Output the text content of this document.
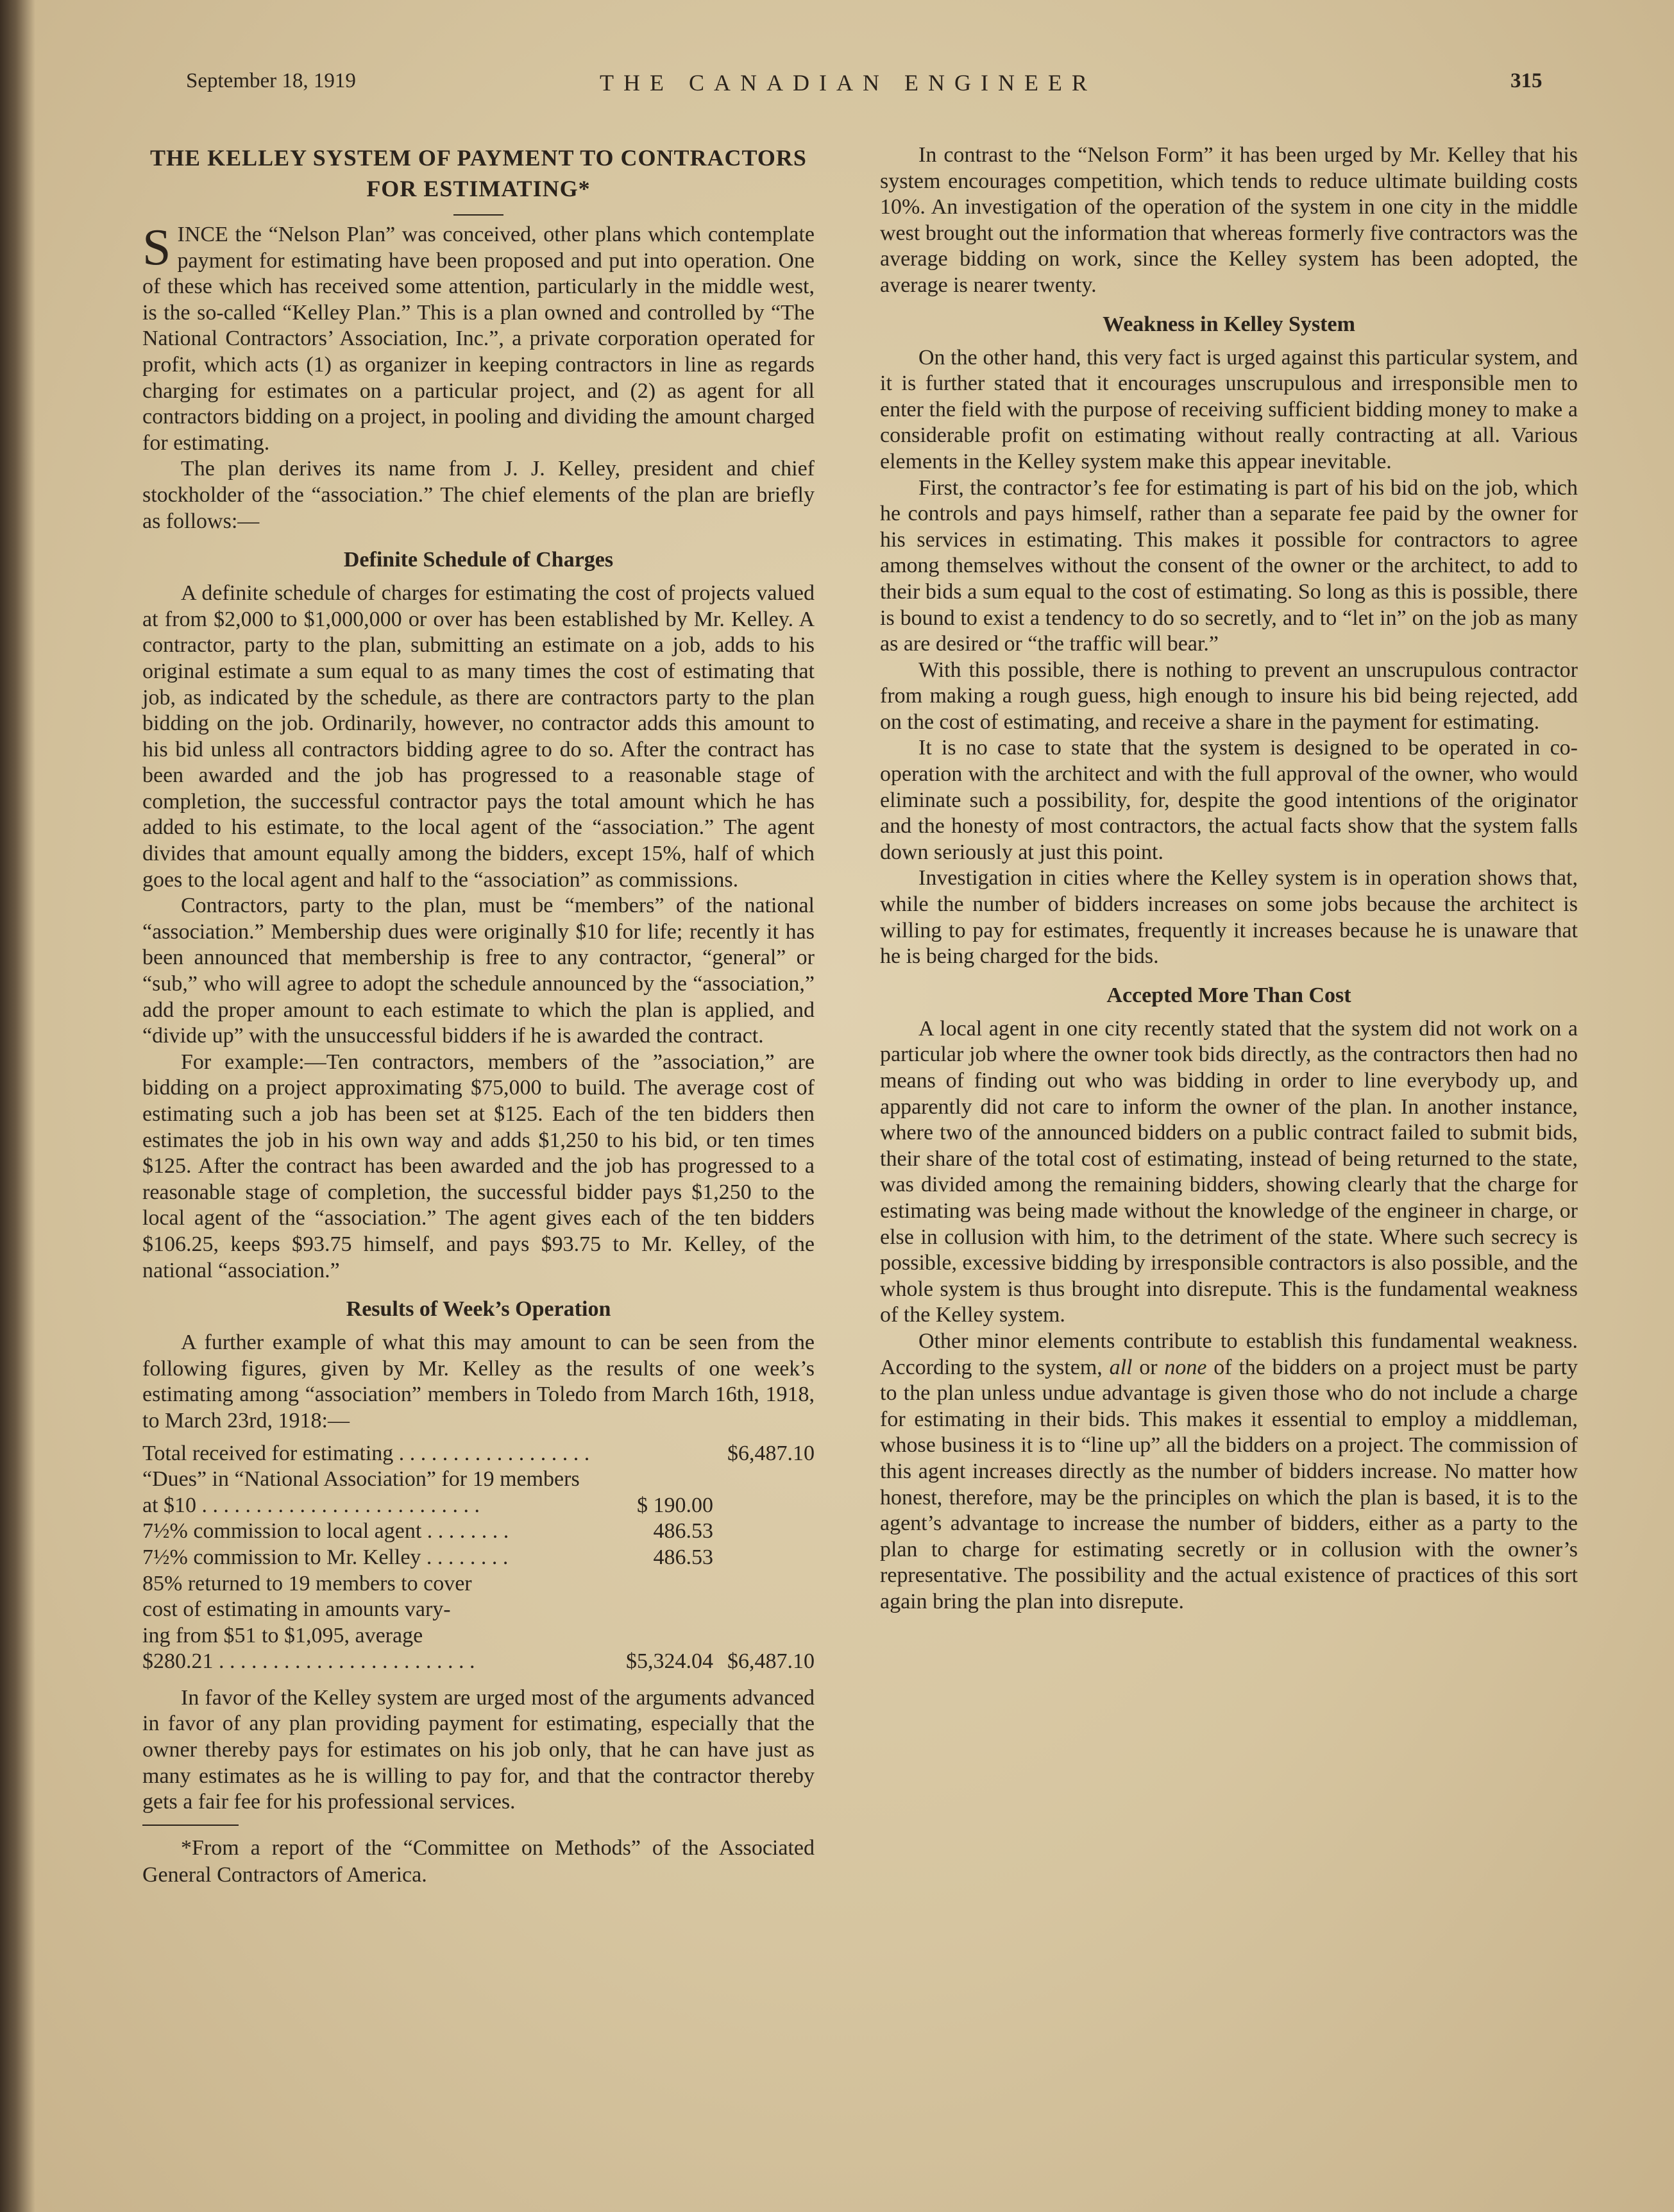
September 18, 1919	THE CANADIAN ENGINEER	315
THE KELLEY SYSTEM OF PAYMENT TO CONTRACTORS FOR ESTIMATING*

SINCE the “Nelson Plan” was conceived, other plans which contemplate payment for estimating have been proposed and put into operation. One of these which has received some attention, particularly in the middle west, is the so-called “Kelley Plan.” This is a plan owned and controlled by “The National Contractors’ Association, Inc.”, a private corporation operated for profit, which acts (1) as organizer in keeping contractors in line as regards charging for estimates on a particular project, and (2) as agent for all contractors bidding on a project, in pooling and dividing the amount charged for estimating.

The plan derives its name from J. J. Kelley, president and chief stockholder of the “association.” The chief elements of the plan are briefly as follows:—

Definite Schedule of Charges

A definite schedule of charges for estimating the cost of projects valued at from $2,000 to $1,000,000 or over has been established by Mr. Kelley. A contractor, party to the plan, submitting an estimate on a job, adds to his original estimate a sum equal to as many times the cost of estimating that job, as indicated by the schedule, as there are contractors party to the plan bidding on the job. Ordinarily, however, no contractor adds this amount to his bid unless all contractors bidding agree to do so. After the contract has been awarded and the job has progressed to a reasonable stage of completion, the successful contractor pays the total amount which he has added to his estimate, to the local agent of the “association.” The agent divides that amount equally among the bidders, except 15%, half of which goes to the local agent and half to the “association” as commissions.

Contractors, party to the plan, must be “members” of the national “association.” Membership dues were originally $10 for life; recently it has been announced that membership is free to any contractor, “general” or “sub,” who will agree to adopt the schedule announced by the “association,” add the proper amount to each estimate to which the plan is applied, and “divide up” with the unsuccessful bidders if he is awarded the contract.

For example:—Ten contractors, members of the ”association,” are bidding on a project approximating $75,000 to build. The average cost of estimating such a job has been set at $125. Each of the ten bidders then estimates the job in his own way and adds $1,250 to his bid, or ten times $125. After the contract has been awarded and the job has progressed to a reasonable stage of completion, the successful bidder pays $1,250 to the local agent of the “association.” The agent gives each of the ten bidders $106.25, keeps $93.75 himself, and pays $93.75 to Mr. Kelley, of the national “association.”

Results of Week’s Operation

A further example of what this may amount to can be seen from the following figures, given by Mr. Kelley as the results of one week’s estimating among “association” members in Toledo from March 16th, 1918, to March 23rd, 1918:—

Total received for estimating . . . . . . . . . . . . . . . . . .		$6,487.10
“Dues” in “National Association” for 19 members		
at $10 . . . . . . . . . . . . . . . . . . . . . . . . . .	$ 190.00	
7½% commission to local agent . . . . . . . .	486.53	
7½% commission to Mr. Kelley . . . . . . . .	486.53	
85% returned to 19 members to cover		
cost of estimating in amounts vary-		
ing from $51 to $1,095, average		
$280.21 . . . . . . . . . . . . . . . . . . . . . . . .	$5,324.04	$6,487.10

In favor of the Kelley system are urged most of the arguments advanced in favor of any plan providing payment for estimating, especially that the owner thereby pays for estimates on his job only, that he can have just as many estimates as he is willing to pay for, and that the contractor thereby gets a fair fee for his professional services.

*From a report of the “Committee on Methods” of the Associated General Contractors of America.

In contrast to the “Nelson Form” it has been urged by Mr. Kelley that his system encourages competition, which tends to reduce ultimate building costs 10%. An investigation of the operation of the system in one city in the middle west brought out the information that whereas formerly five contractors was the average bidding on work, since the Kelley system has been adopted, the average is nearer twenty.

Weakness in Kelley System

On the other hand, this very fact is urged against this particular system, and it is further stated that it encourages unscrupulous and irresponsible men to enter the field with the purpose of receiving sufficient bidding money to make a considerable profit on estimating without really contracting at all. Various elements in the Kelley system make this appear inevitable.

First, the contractor’s fee for estimating is part of his bid on the job, which he controls and pays himself, rather than a separate fee paid by the owner for his services in estimating. This makes it possible for contractors to agree among themselves without the consent of the owner or the architect, to add to their bids a sum equal to the cost of estimating. So long as this is possible, there is bound to exist a tendency to do so secretly, and to “let in” on the job as many as are desired or “the traffic will bear.”

With this possible, there is nothing to prevent an unscrupulous contractor from making a rough guess, high enough to insure his bid being rejected, add on the cost of estimating, and receive a share in the payment for estimating.

It is no case to state that the system is designed to be operated in co-operation with the architect and with the full approval of the owner, who would eliminate such a possibility, for, despite the good intentions of the originator and the honesty of most contractors, the actual facts show that the system falls down seriously at just this point.

Investigation in cities where the Kelley system is in operation shows that, while the number of bidders increases on some jobs because the architect is willing to pay for estimates, frequently it increases because he is unaware that he is being charged for the bids.

Accepted More Than Cost

A local agent in one city recently stated that the system did not work on a particular job where the owner took bids directly, as the contractors then had no means of finding out who was bidding in order to line everybody up, and apparently did not care to inform the owner of the plan. In another instance, where two of the announced bidders on a public contract failed to submit bids, their share of the total cost of estimating, instead of being returned to the state, was divided among the remaining bidders, showing clearly that the charge for estimating was being made without the knowledge of the engineer in charge, or else in collusion with him, to the detriment of the state. Where such secrecy is possible, excessive bidding by irresponsible contractors is also possible, and the whole system is thus brought into disrepute. This is the fundamental weakness of the Kelley system.

Other minor elements contribute to establish this fundamental weakness. According to the system, all or none of the bidders on a project must be party to the plan unless undue advantage is given those who do not include a charge for estimating in their bids. This makes it essential to employ a middleman, whose business it is to “line up” all the bidders on a project. The commission of this agent increases directly as the number of bidders increase. No matter how honest, therefore, may be the principles on which the plan is based, it is to the agent’s advantage to increase the number of bidders, either as a party to the plan to charge for estimating secretly or in collusion with the owner’s representative. The possibility and the actual existence of practices of this sort again bring the plan into disrepute.
